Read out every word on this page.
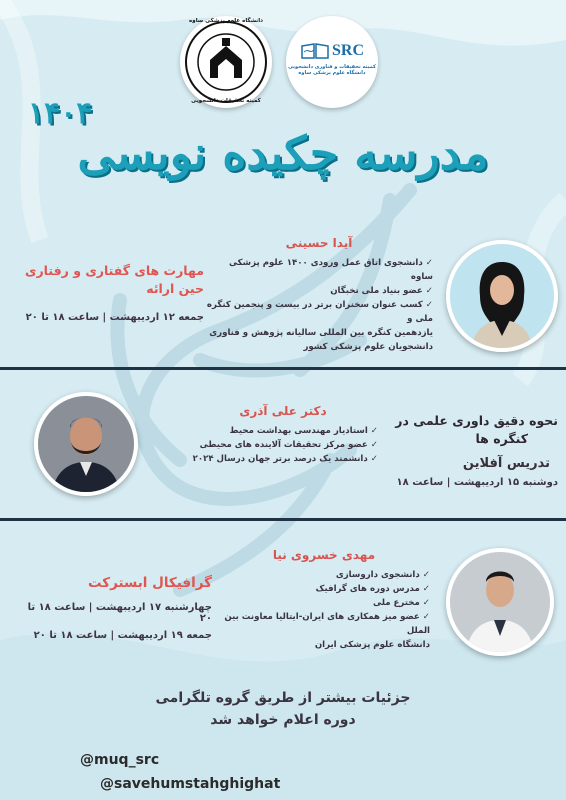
دانشگاه علوم پزشکی ساوه
کمیته تحقیقات دانشجویی
SRC
کمیته تحقیقات و فناوری دانشجویی
دانشگاه علوم پزشکی ساوه
۱۴۰۴
مدرسه چکیده نویسی
آیدا حسینی
✓ دانشجوی اتاق عمل ورودی ۱۴۰۰ علوم پزشکی ساوه
✓ عضو بنیاد ملی نخبگان
✓ کسب عنوان سخنران برتر در بیست و پنجمین کنگره ملی و
یازدهمین کنگره بین المللی سالیانه پژوهش و فناوری
دانشجویان علوم پزشکی کشور
مهارت های گفتاری و رفتاری
حین ارائه
جمعه ۱۲ اردیبهشت | ساعت ۱۸ تا ۲۰
دکتر علی آذری
✓ استادیار مهندسی بهداشت محیط
✓ عضو مرکز تحقیقات آلاینده های محیطی
✓ دانشمند یک درصد برتر جهان درسال ۲۰۲۴
نحوه دقیق داوری علمی در
کنگره ها
تدریس آفلاین
دوشنبه ۱۵ اردیبهشت | ساعت ۱۸
مهدی خسروی نیا
✓ دانشجوی داروسازی
✓ مدرس دوره های گرافیک
✓ مخترع ملی
✓ عضو میز همکاری های ایران-ایتالیا معاونت بین الملل
دانشگاه علوم پزشکی ایران
گرافیکال ابسترکت
چهارشنبه ۱۷ اردیبهشت | ساعت ۱۸ تا ۲۰
جمعه ۱۹ اردیبهشت | ساعت ۱۸ تا ۲۰
جزئیات بیشتر از طریق گروه تلگرامی
دوره اعلام خواهد شد
@muq_src
@savehumstahghighat
